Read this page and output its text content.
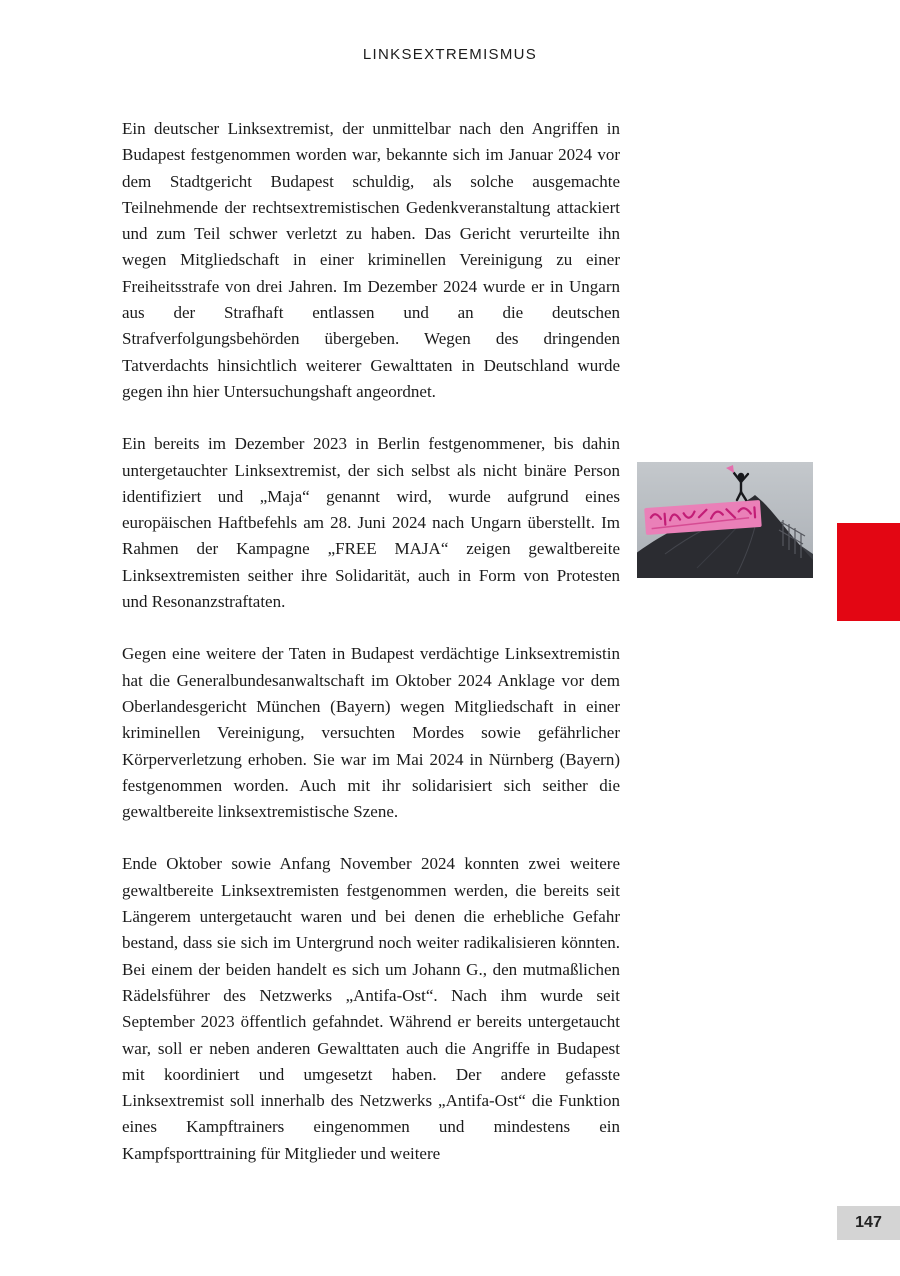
LINKSEXTREMISMUS

Ein deutscher Linksextremist, der unmittelbar nach den Angriffen in Budapest festgenommen worden war, bekannte sich im Januar 2024 vor dem Stadtgericht Budapest schuldig, als solche ausgemachte Teilnehmende der rechtsextremistischen Gedenkveranstaltung attackiert und zum Teil schwer verletzt zu haben. Das Gericht verurteilte ihn wegen Mitgliedschaft in einer kriminellen Vereinigung zu einer Freiheitsstrafe von drei Jahren. Im Dezember 2024 wurde er in Ungarn aus der Strafhaft entlassen und an die deutschen Strafverfolgungsbehörden übergeben. Wegen des dringenden Tatverdachts hinsichtlich weiterer Gewalttaten in Deutschland wurde gegen ihn hier Untersuchungshaft angeordnet.

Ein bereits im Dezember 2023 in Berlin festgenommener, bis dahin untergetauchter Linksextremist, der sich selbst als nicht binäre Person identifiziert und „Maja“ genannt wird, wurde aufgrund eines europäischen Haftbefehls am 28. Juni 2024 nach Ungarn überstellt. Im Rahmen der Kampagne „FREE MAJA“ zeigen gewaltbereite Linksextremisten seither ihre Solidarität, auch in Form von Protesten und Resonanzstraftaten.

Gegen eine weitere der Taten in Budapest verdächtige Linksextremistin hat die Generalbundesanwaltschaft im Oktober 2024 Anklage vor dem Oberlandesgericht München (Bayern) wegen Mitgliedschaft in einer kriminellen Vereinigung, versuchten Mordes sowie gefährlicher Körperverletzung erhoben. Sie war im Mai 2024 in Nürnberg (Bayern) festgenommen worden. Auch mit ihr solidarisiert sich seither die gewaltbereite linksextremistische Szene.

Ende Oktober sowie Anfang November 2024 konnten zwei weitere gewaltbereite Linksextremisten festgenommen werden, die bereits seit Längerem untergetaucht waren und bei denen die erhebliche Gefahr bestand, dass sie sich im Untergrund noch weiter radikalisieren könnten. Bei einem der beiden handelt es sich um Johann G., den mutmaßlichen Rädelsführer des Netzwerks „Antifa-Ost“. Nach ihm wurde seit September 2023 öffentlich gefahndet. Während er bereits untergetaucht war, soll er neben anderen Gewalttaten auch die Angriffe in Budapest mit koordiniert und umgesetzt haben. Der andere gefasste Linksextremist soll innerhalb des Netzwerks „Antifa-Ost“ die Funktion eines Kampftrainers eingenommen und mindestens ein Kampfsporttraining für Mitglieder und weitere

147
